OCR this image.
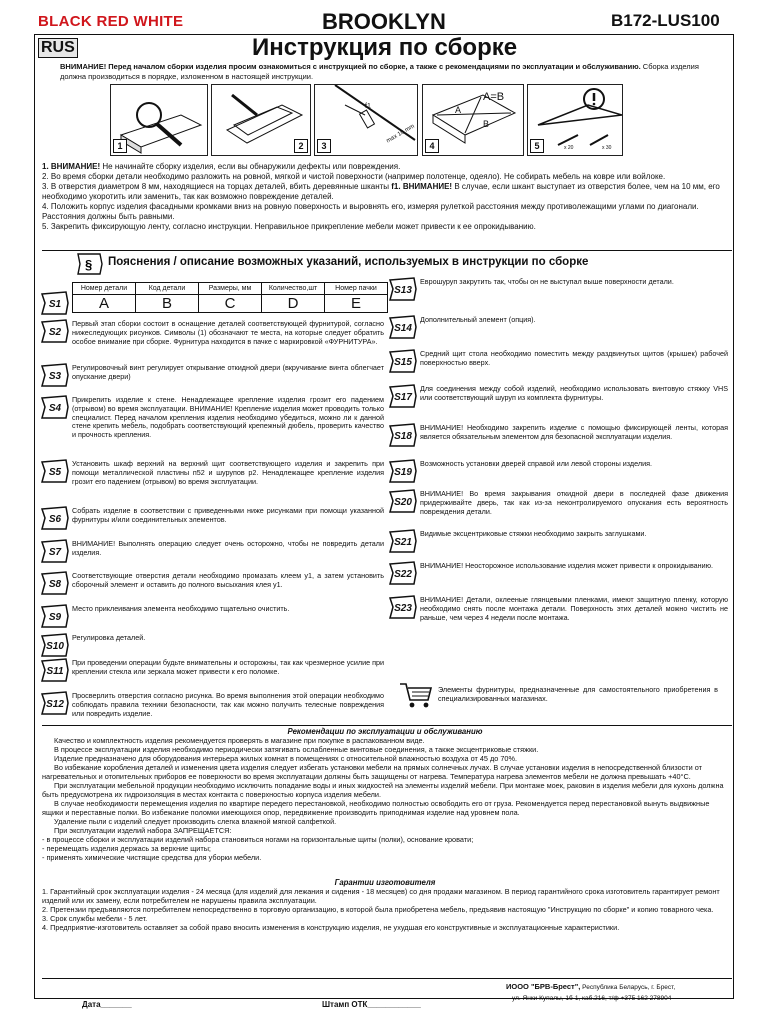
BLACK RED WHITE	BROOKLYN	B172-LUS100
RUS	Инструкция по сборке
ВНИМАНИЕ! Перед началом сборки изделия просим ознакомиться с инструкцией по сборке, а также с рекомендациями по эксплуатации и обслуживанию. Сборка изделия должна производиться в порядке, изложенном в настоящей инструкции.
1	2
f1
max 10 mm
3
A=B
A
B
4	x 20	x 30
5
1. ВНИМАНИЕ! Не начинайте сборку изделия, если вы обнаружили дефекты или повреждения.
2. Во время сборки детали необходимо разложить на ровной, мягкой и чистой поверхности (например полотенце, одеяло). Не собирать мебель на ковре или войлоке.
3. В отверстия диаметром 8 мм, находящиеся на торцах деталей, вбить деревянные шканты f1. ВНИМАНИЕ! В случае, если шкант выступает из отверстия более, чем на 10 мм, его необходимо укоротить или заменить, так как возможно повреждение деталей.
4. Положить корпус изделия фасадными кромками вниз на ровную поверхность и выровнять его, измеряя рулеткой расстояния между противолежащими углами по диагонали. Расстояния должны быть равными.
5. Закрепить фиксирующую ленту, согласно инструкции. Неправильное прикрепление мебели может привести к ее опрокидыванию.
§ Пояснения / описание возможных указаний, используемых в инструкции по сборке
Номер детали	Код детали	Размеры, мм	Количество,шт	Номер пачки
A	B	C	D	E
S1
S2
Первый этап сборки состоит в оснащение деталей соответствующей фурнитурой, согласно нижеследующих рисунков. Символы (1) обозначают те места, на которые следует обратить особое внимание при сборке. Фурнитура находится в пачке с маркировкой «ФУРНИТУРА».
S3
Регулировочный винт регулирует открывание откидной двери (вкручивание винта облегчает опускание двери)
S4
Прикрепить изделие к стене. Ненадлежащее крепление изделия грозит его падением (отрывом) во время эксплуатации. ВНИМАНИЕ! Крепление изделия может проводить только специалист. Перед началом крепления изделия необходимо убедиться, можно ли к данной стене крепить мебель, подобрать соответствующий крепежный дюбель, проверить качество и прочность крепления.
S5
Установить шкаф верхний на верхний щит соответствующего изделия и закрепить при помощи металлической пластины п52 и шурупов р2. Ненадлежащее крепление изделия грозит его падением (отрывом) во время эксплуатации.
S6
Собрать изделие в соответствии с приведенными ниже рисунками при помощи указанной фурнитуры и/или соединительных элементов.
S7
ВНИМАНИЕ! Выполнять операцию следует очень осторожно, чтобы не повредить детали изделия.
S8
Соответствующие отверстия детали необходимо промазать клеем у1, а затем установить сборочный элемент и оставить до полного высыхания клея у1.
S9
Место приклеивания элемента необходимо тщательно очистить.
S10
Регулировка деталей.
S11
При проведении операции будьте внимательны и осторожны, так как чрезмерное усилие при креплении стекла или зеркала может привести к его поломке.
S12
Просверлить отверстия согласно рисунка. Во время выполнения этой операции необходимо соблюдать правила техники безопасности, так как можно получить телесные повреждения или повредить изделие.
S13
Еврошуруп закрутить так, чтобы он не выступал выше поверхности детали.
S14
Дополнительный элемент (опция).
S15
Средний щит стола необходимо поместить между раздвинутых щитов (крышек) рабочей поверхностью вверх.
S17
Для соединения между собой изделий, необходимо использовать винтовую стяжку VHS или соответствующий шуруп из комплекта фурнитуры.
S18
ВНИМАНИЕ! Необходимо закрепить изделие с помощью фиксирующей ленты, которая является обязательным элементом для безопасной эксплуатации изделия.
S19
Возможность установки дверей справой или левой стороны изделия.
S20
ВНИМАНИЕ! Во время закрывания откидной двери в последней фазе движения придерживайте дверь, так как из-за неконтролируемого опускания есть вероятность повреждения детали.
S21
Видимые эксцентриковые стяжки необходимо закрыть заглушками.
S22
ВНИМАНИЕ! Неосторожное использование изделия может привести к опрокидыванию.
S23
ВНИМАНИЕ! Детали, оклееные глянцевыми пленками, имеют защитную пленку, которую необходимо снять после монтажа детали. Поверхность этих деталей можно чистить не раньше, чем через 4 недели после монтажа.
Элементы фурнитуры, предназначенные для самостоятельного приобретения в специализированных магазинах.
Рекомендации по эксплуатации и обслуживанию
Качество и комплектность изделия рекомендуется проверять в магазине при покупке в распакованном виде.
В процессе эксплуатации изделия необходимо периодически затягивать ослабленные винтовые соединения, а также эксцентриковые стяжки.
Изделие предназначено для оборудования интерьера жилых комнат в помещениях с относительной влажностью воздуха от 45 до 70%.
Во избежание коробления деталей и изменения цвета изделия следует избегать установки мебели на прямых солнечных лучах. В случае установки изделия в непосредственной близости от нагревательных и отопительных приборов ее поверхности во время эксплуатации должны быть защищены от нагрева. Температура нагрева элементов мебели не должна превышать +40°С.
При эксплуатации мебельной продукции необходимо исключить попадание воды и иных жидкостей на элементы изделий мебели. При монтаже моек, раковин в изделия мебели для кухонь должна быть предусмотрена их гидроизоляция в местах контакта с поверхностью корпуса изделия мебели.
В случае необходимости перемещения изделия по квартире передего перестановкой, необходимо полностью освободить его от груза. Рекомендуется перед перестановкой вынуть выдвижные ящики и переставные полки. Во избежание поломки имеющихся опор, передвижение производить приподнимая изделие над уровнем пола.
Удаление пыли с изделий следует производить слегка влажной мягкой салфеткой.
При эксплуатации изделий набора ЗАПРЕЩАЕТСЯ:
- в процессе сборки и эксплуатации изделий набора становиться ногами на горизонтальные щиты (полки), основание кровати;
- перемещать изделия держась за верхние щиты;
- применять химические чистящие средства для уборки мебели.
Гарантии изготовителя
1. Гарантийный срок эксплуатации изделия - 24 месяца (для изделий для лежания и сидения - 18 месяцев) со дня продажи магазином. В период гарантийного срока изготовитель гарантирует ремонт изделий или их замену, если потребителем не нарушены правила эксплуатации.
2. Претензии предъявляются потребителем непосредственно в торговую организацию, в которой была приобретена мебель, предъявив настоящую "Инструкцию по сборке" и копию товарного чека.
3. Срок службы мебели - 5 лет.
4. Предприятие-изготовитель оставляет за собой право вносить изменения в конструкцию изделия, не ухудшая его конструктивные и эксплуатационные характеристики.
Дата_______	Штамп ОТК____________
ИООО "БРВ-Брест", Республика Беларусь, г. Брест,
ул. Янки Купалы, 1б-1, каб.216, т/ф +375 162 278904
